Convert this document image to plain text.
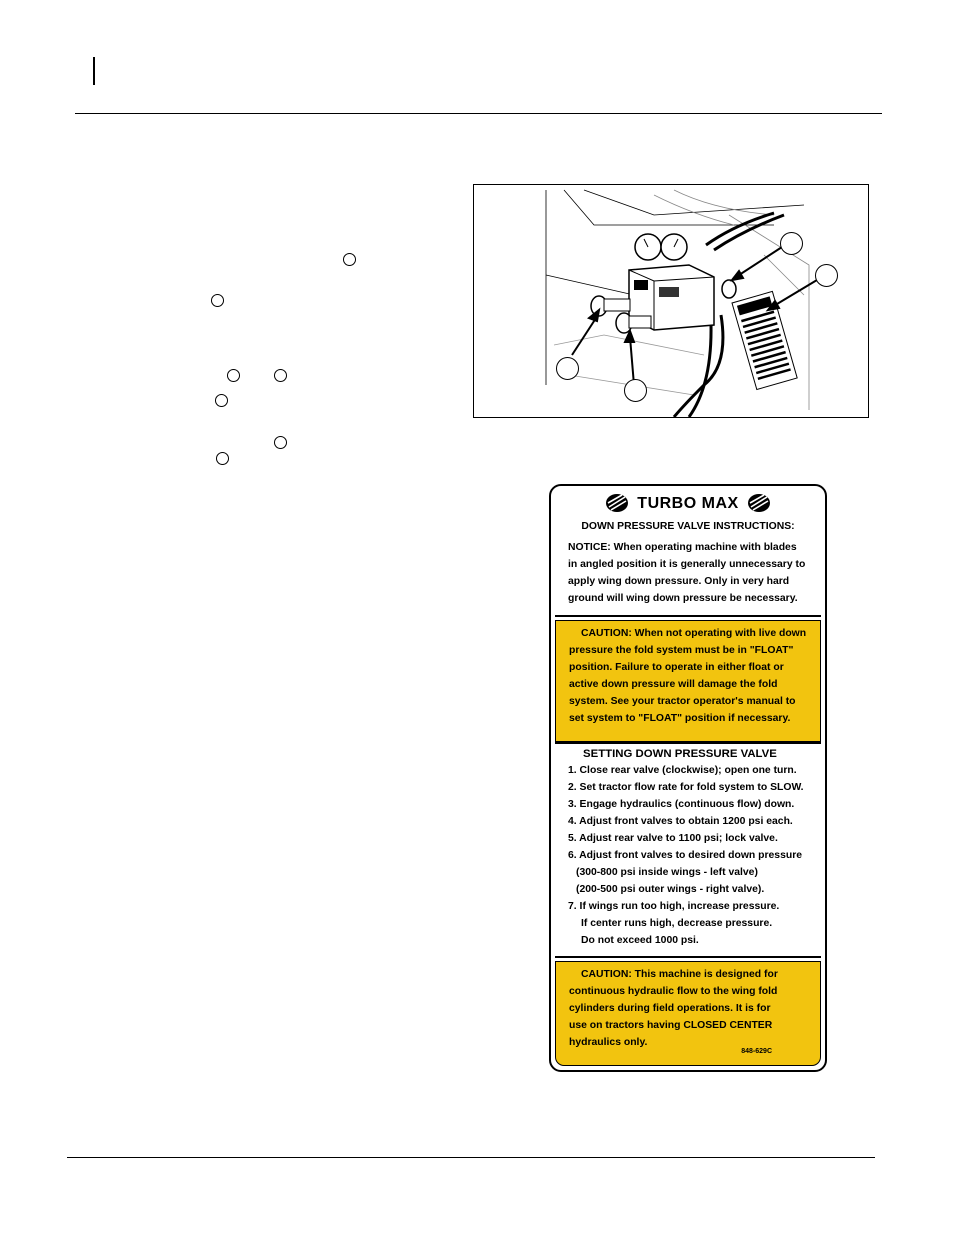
TURBO MAX
DOWN PRESSURE VALVE INSTRUCTIONS:
NOTICE: When operating machine with blades
in angled position it is generally unnecessary to
apply wing down pressure. Only in very hard
ground will wing down pressure be necessary.
CAUTION: When not operating with live down
pressure the fold system must be in "FLOAT"
position. Failure to operate in either float or
active down pressure will damage the fold
system. See your tractor operator's manual to
set system to "FLOAT" position if necessary.
SETTING DOWN PRESSURE VALVE
1. Close rear valve (clockwise); open one turn.
2. Set tractor flow rate for fold system to SLOW.
3. Engage hydraulics (continuous flow) down.
4. Adjust front valves to obtain 1200 psi each.
5. Adjust rear valve to 1100 psi; lock valve.
6. Adjust front valves to desired down pressure
(300-800 psi inside wings - left valve)
(200-500 psi outer wings - right valve).
7. If wings run too high, increase pressure.
If center runs high, decrease pressure.
Do not exceed 1000 psi.
CAUTION: This machine is designed for
continuous hydraulic flow to the wing fold
cylinders during field operations. It is for
use on tractors having CLOSED CENTER
hydraulics only.
848-629C
